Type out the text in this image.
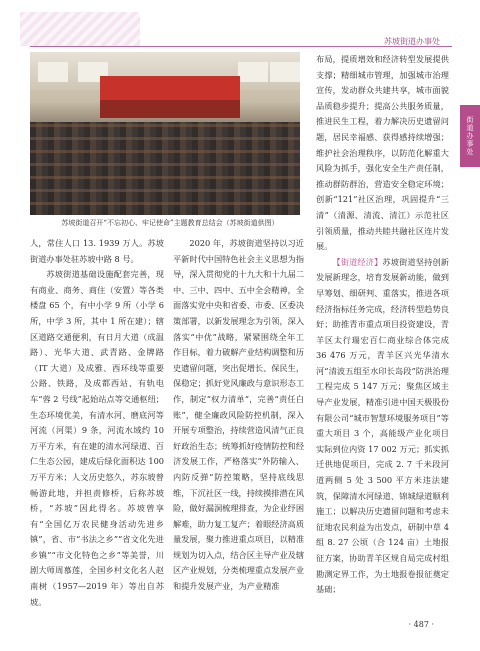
苏坡街道办事处
街道办事处
苏坡街道召开“不忘初心、牢记使命”主题教育总结会（苏坡街道供图）

人，常住人口 13. 1939 万人。苏坡街道办事处驻苏坡中路 8 号。

苏坡街道基础设施配套完善，现有商业、商务、商住（安置）等各类楼盘 65 个，有中小学 9 所（小学 6 所，中学 3 所，其中 1 所在建）；辖区道路交通便利，有日月大道（成温路）、光华大道、武青路、金牌路（IT 大道）及成雅、西环线等重要公路、铁路，及成都西站、有轨电车“蓉 2 号线”起始站点等交通枢纽；生态环境优美，有清水河、磨底河等河流（河渠）9 条，河流水域约 10 万平方米，有在建的清水河绿道、百仁生态公园，建成后绿化面积达 100 万平方米；人文历史悠久，苏东坡曾畅游此地，并担责修桥，后称苏坡桥，“苏坡”因此得名。苏坡曾享有“全国亿万农民健身活动先进乡镇”，省、市“书法之乡”“省文化先进乡镇”“市文化特色之乡”等美誉，川剧大师周慕莲，全国乡村文化名人赵南树（1957—2019 年）等出自苏坡。

2020 年，苏坡街道坚持以习近平新时代中国特色社会主义思想为指导，深入贯彻党的十九大和十九届二中、三中、四中、五中全会精神，全面落实党中央和省委、市委、区委决策部署，以新发展理念为引领，深入落实“中优”战略，紧紧围绕全年工作目标，着力破解产业结构调整和历史遗留问题，突出促增长、保民生，保稳定；抓好党风廉政与意识形态工作，制定“权力清单”，完善“责任白账”，健全廉政风险防控机制，深入开展专项整治，持续营造风清气正良好政治生态；统筹抓好疫情防控和经济发展工作，严格落实“外防输入、内防反弹”防控策略，坚持底线思维，下沉社区一线，持续摸排潜在风险，做好漏洞梳理排查，为企业纾困解难，助力复工复产；着眼经济高质量发展，聚力推进重点项目，以精准规划为切入点，结合区主导产业及辖区产业规划，分类梳理重点发展产业和提升发展产业，为产业精准

布局，提质增效和经济转型发展提供支撑；精细城市管理，加强城市治理宣传，发动群众共建共享，城市面貌品质稳步提升；提高公共服务质量，推进民生工程，着力解决历史遗留问题，居民幸福感、获得感持续增强；维护社会治理秩序，以防范化解重大风险为抓手，强化安全生产责任制，推动群防群治，营造安全稳定环境；创新“121”社区治理，巩固提升“三清”（清源、清流、清江）示范社区引领质量，推动共睦共融社区连片发展。

【街道经济】苏坡街道坚持创新发展新理念，培育发展新动能，做到早筹划、细研判、重落实，推进各项经济指标任务完成，经济转型趋势良好；助推青市重点项目投资建设，青羊区太行瑞宏百仁商业综合体完成 36 476 万元，青羊区兴光华清水河“清波五组至水印长岛段”防洪治理工程完成 5 147 万元；聚焦区域主导产业发展，精准引进中国天极股份有限公司“城市智慧环境服务项目”等重大项目 3 个，高能级产业化项目实际到位内资 17 002 万元；抓实抓迁供地促项目，完成 2. 7 千米段河道两侧 5 处 3 500 平方米违法建筑，保障清水河绿道、锦城绿道顺利施工；以解决历史遗留问题和考虑未征地农民利益为出发点，研制中草 4 组 8. 27 公顷（合 124 亩）土地报征方案，协助青羊区规自局完成村组勘测定界工作，为土地报卷报征奠定基础；

· 487 ·
